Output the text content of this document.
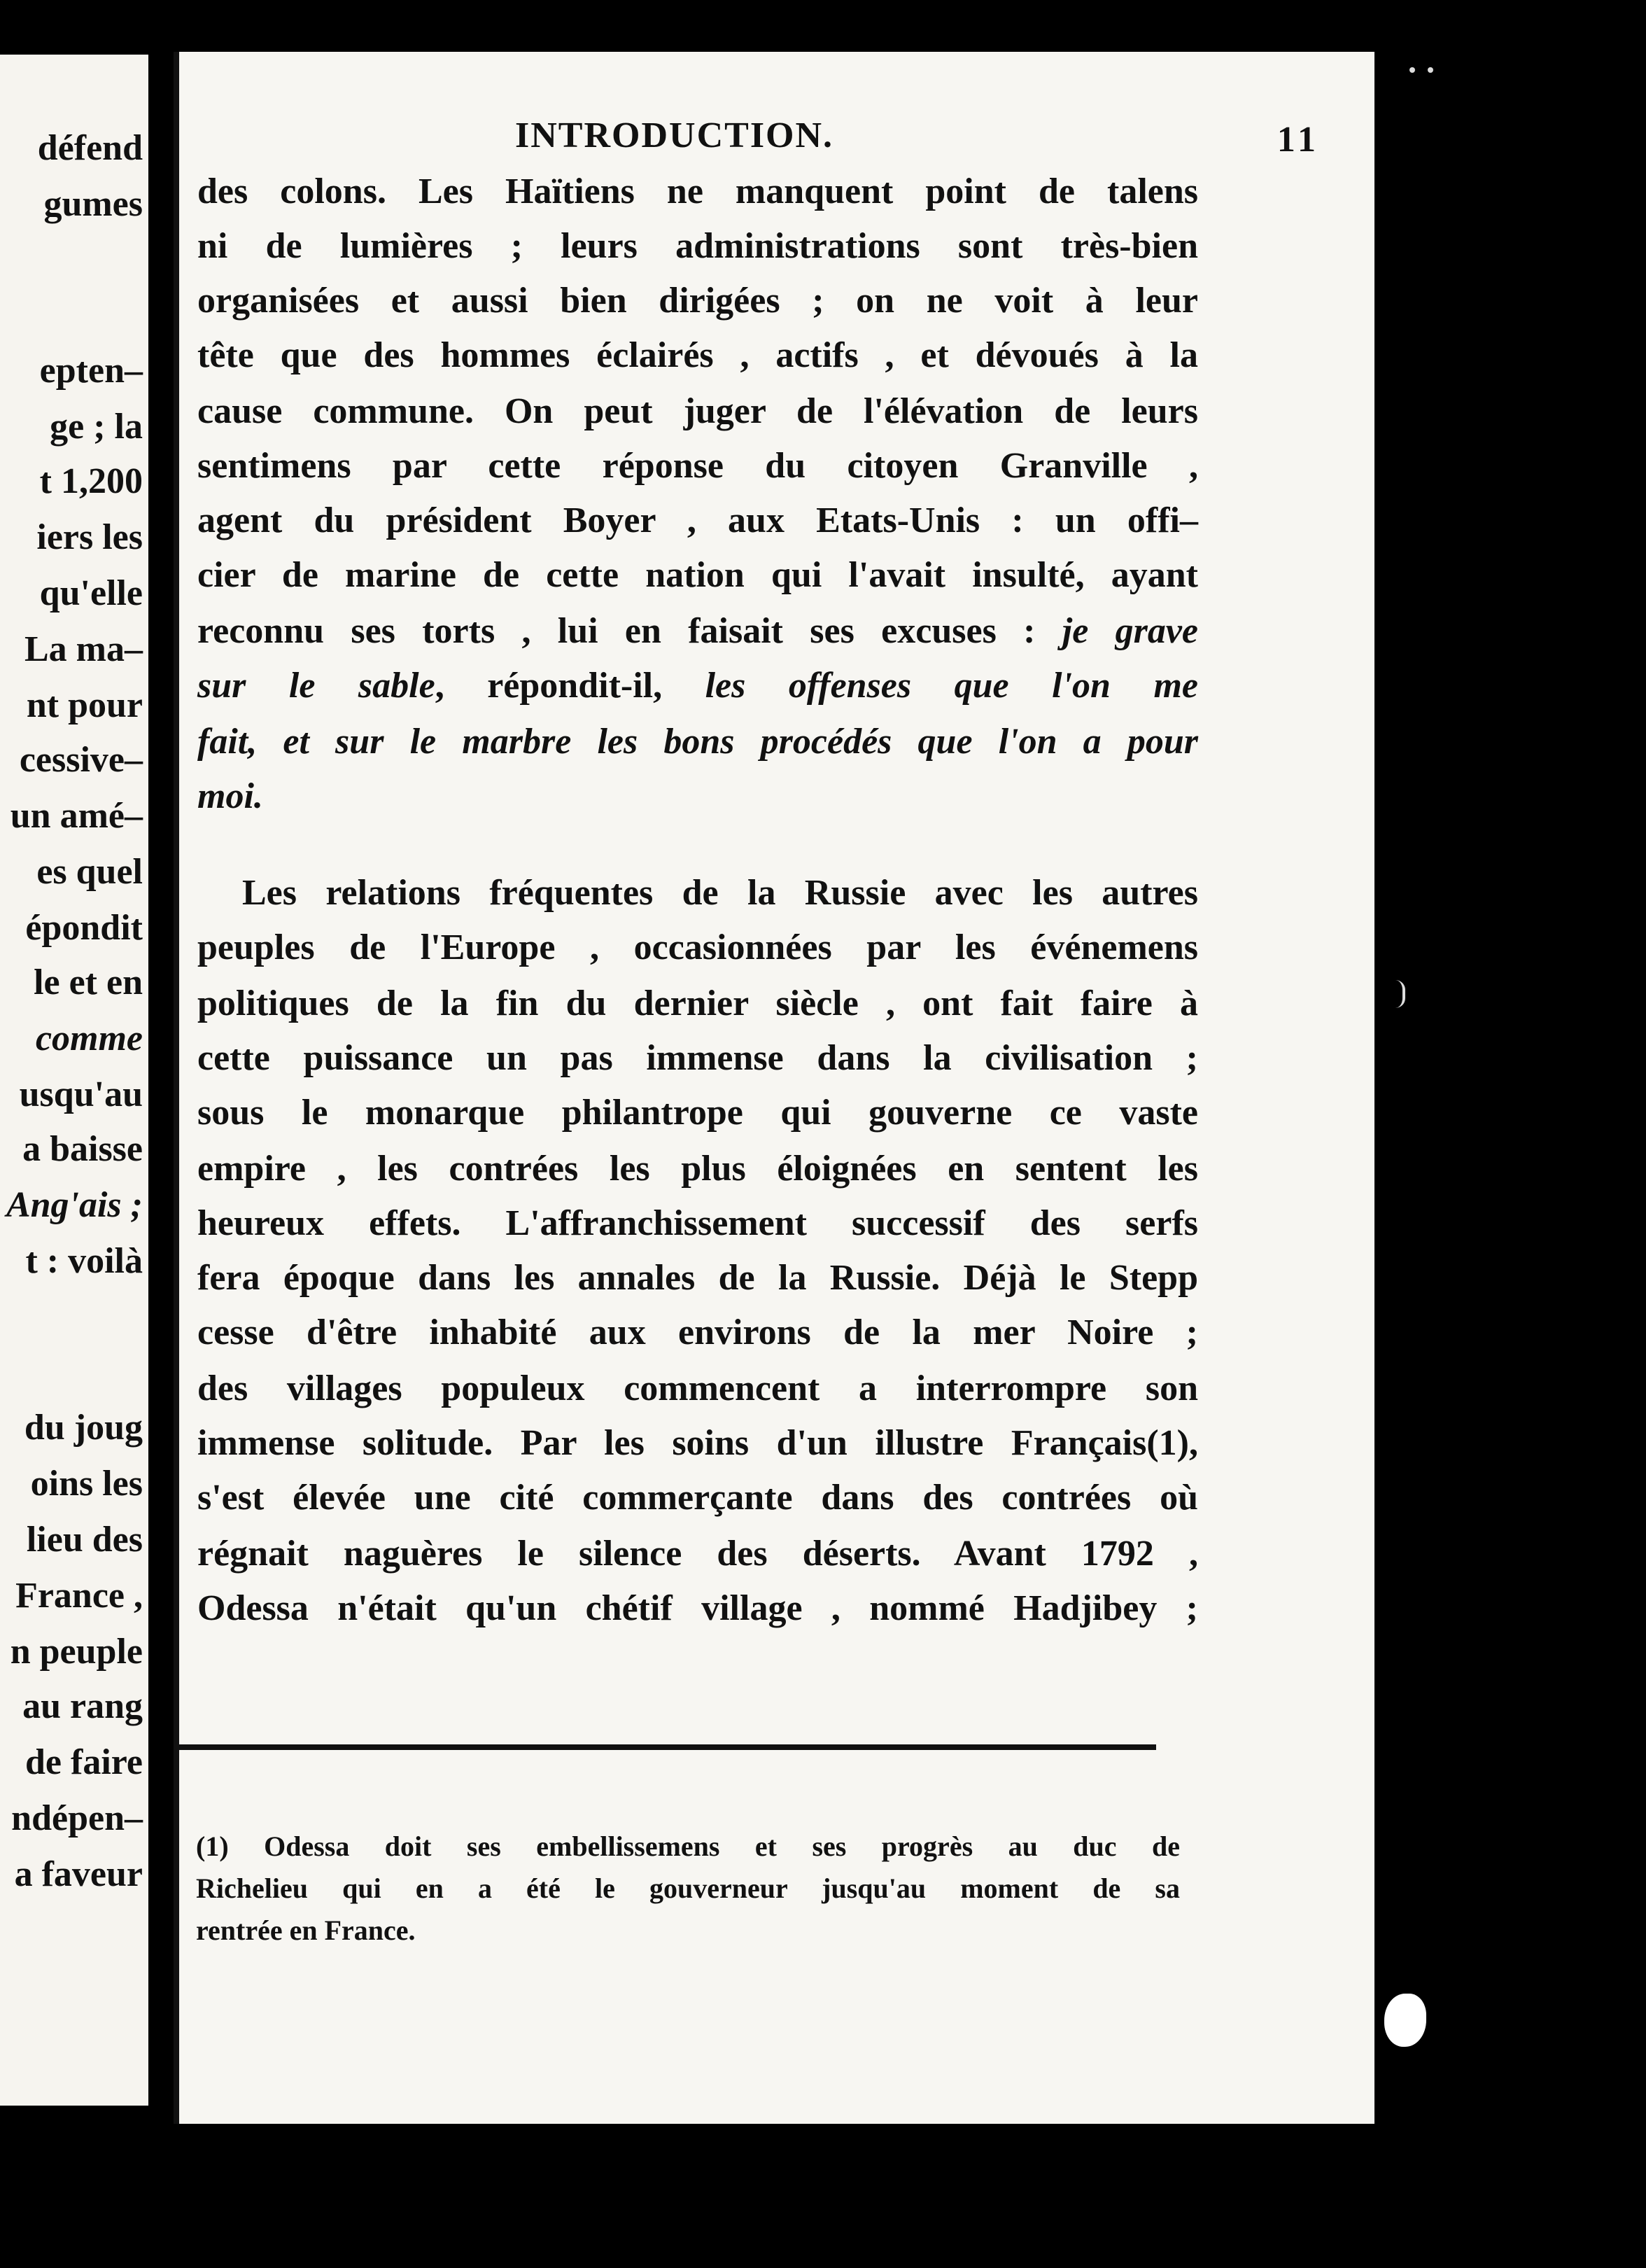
défend
gumes
epten–
ge ; la
t 1,200
iers les
qu'elle
La ma–
nt pour
cessive–
un amé–
es quel
épondit
le et en
comme
usqu'au
a baisse
Ang'ais ;
t : voilà
du joug
oins les
lieu des
France ,
n peuple
au rang
de faire
ndépen–
a faveur
INTRODUCTION.	11
des colons. Les Haïtiens ne manquent point de talens
ni de lumières ; leurs administrations sont très-bien
organisées et aussi bien dirigées ; on ne voit à leur
tête que des hommes éclairés , actifs , et dévoués à la
cause commune. On peut juger de l'élévation de leurs
sentimens par cette réponse du citoyen Granville ,
agent du président Boyer , aux Etats-Unis : un offi–
cier de marine de cette nation qui l'avait insulté, ayant
reconnu ses torts , lui en faisait ses excuses : je grave
sur le sable, répondit-il, les offenses que l'on me
fait, et sur le marbre les bons procédés que l'on a pour
moi.
Les relations fréquentes de la Russie avec les autres
peuples de l'Europe , occasionnées par les événemens
politiques de la fin du dernier siècle , ont fait faire à
cette puissance un pas immense dans la civilisation ;
sous le monarque philantrope qui gouverne ce vaste
empire , les contrées les plus éloignées en sentent les
heureux effets. L'affranchissement successif des serfs
fera époque dans les annales de la Russie. Déjà le Stepp
cesse d'être inhabité aux environs de la mer Noire ;
des villages populeux commencent a interrompre son
immense solitude. Par les soins d'un illustre Français(1),
s'est élevée une cité commerçante dans des contrées où
régnait naguères le silence des déserts. Avant 1792 ,
Odessa n'était qu'un chétif village , nommé Hadjibey ;
(1) Odessa doit ses embellissemens et ses progrès au duc de
Richelieu qui en a été le gouverneur jusqu'au moment de sa
rentrée en France.
